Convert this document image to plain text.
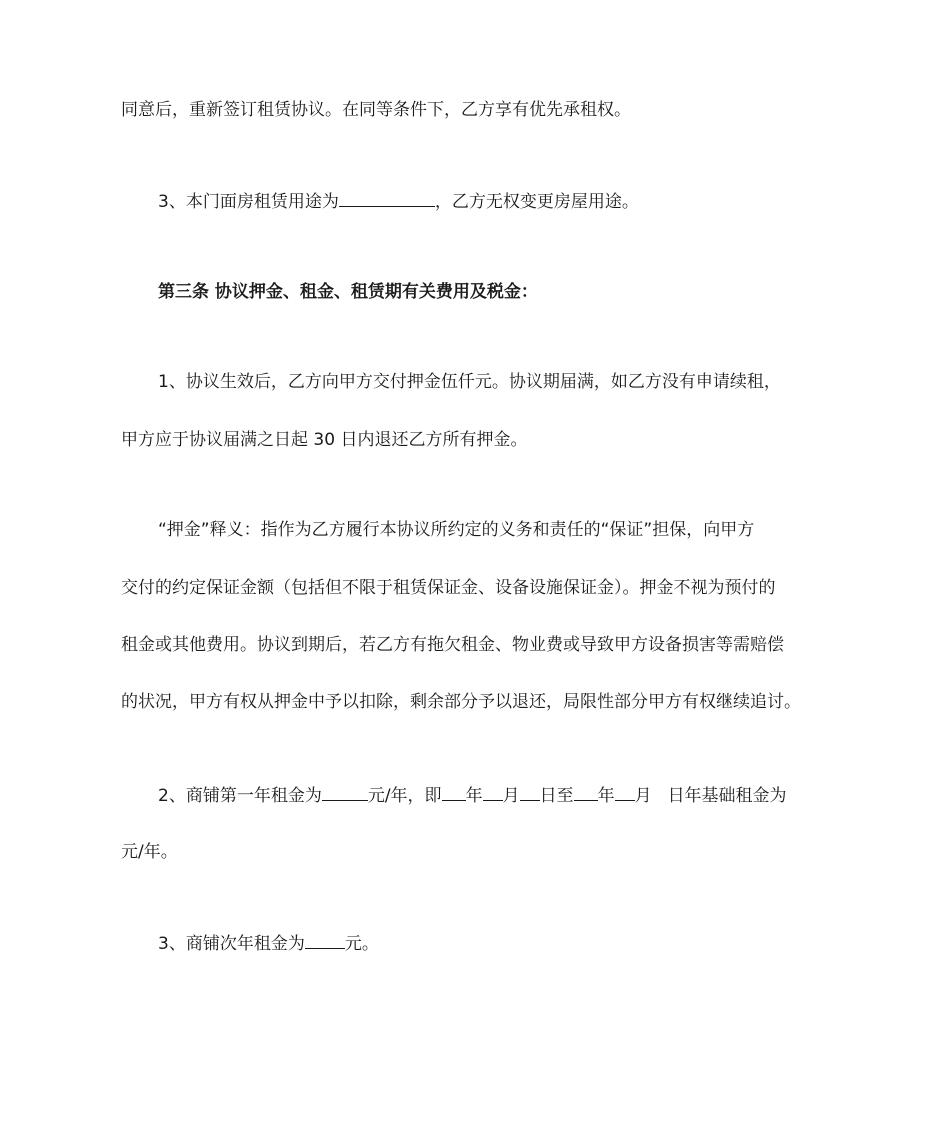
同意后，重新签订租赁协议。在同等条件下，乙方享有优先承租权。
3、本门面房租赁用途为	，乙方无权变更房屋用途。
第三条 协议押金、租金、租赁期有关费用及税金：
1、协议生效后，乙方向甲方交付押金伍仟元。协议期届满，如乙方没有申请续租，
甲方应于协议届满之日起 30 日内退还乙方所有押金。
“押金”释义：指作为乙方履行本协议所约定的义务和责任的“保证”担保，向甲方
交付的约定保证金额（包括但不限于租赁保证金、设备设施保证金）。押金不视为预付的
租金或其他费用。协议到期后，若乙方有拖欠租金、物业费或导致甲方设备损害等需赔偿
的状况，甲方有权从押金中予以扣除，剩余部分予以退还，局限性部分甲方有权继续追讨。
2、商铺第一年租金为	元/年，即 年 月 日至 年 月 日年基础租金为
元/年。
3、商铺次年租金为 元。
